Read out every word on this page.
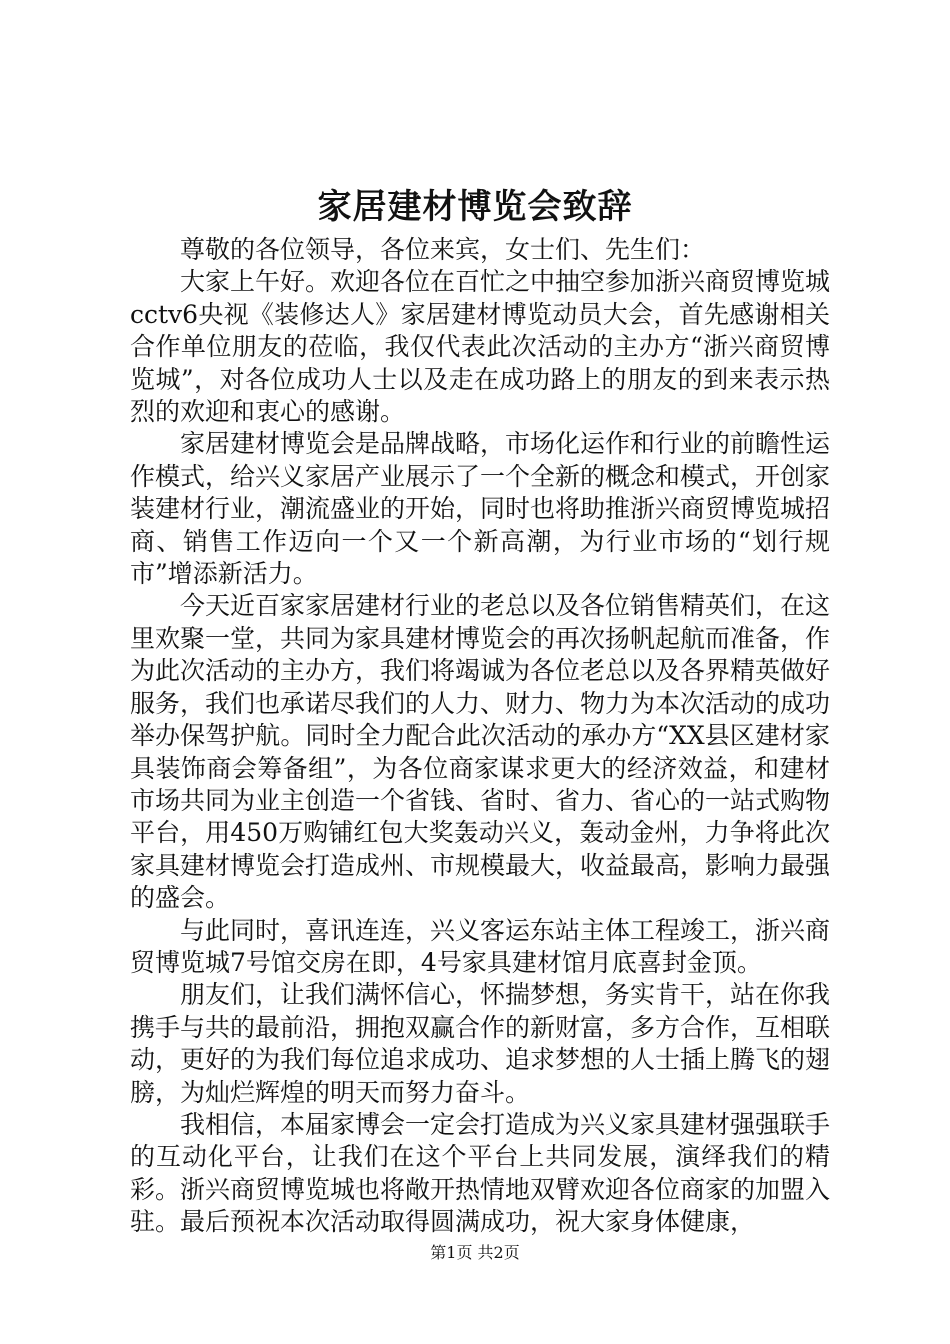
家居建材博览会致辞

尊敬的各位领导，各位来宾，女士们、先生们：

大家上午好。欢迎各位在百忙之中抽空参加浙兴商贸博览城cctv6央视《装修达人》家居建材博览动员大会，首先感谢相关合作单位朋友的莅临，我仅代表此次活动的主办方“浙兴商贸博览城”，对各位成功人士以及走在成功路上的朋友的到来表示热烈的欢迎和衷心的感谢。

家居建材博览会是品牌战略，市场化运作和行业的前瞻性运作模式，给兴义家居产业展示了一个全新的概念和模式，开创家装建材行业，潮流盛业的开始，同时也将助推浙兴商贸博览城招商、销售工作迈向一个又一个新高潮，为行业市场的“划行规市”增添新活力。

今天近百家家居建材行业的老总以及各位销售精英们，在这里欢聚一堂，共同为家具建材博览会的再次扬帆起航而准备，作为此次活动的主办方，我们将竭诚为各位老总以及各界精英做好服务，我们也承诺尽我们的人力、财力、物力为本次活动的成功举办保驾护航。同时全力配合此次活动的承办方“XX县区建材家具装饰商会筹备组”，为各位商家谋求更大的经济效益，和建材市场共同为业主创造一个省钱、省时、省力、省心的一站式购物平台，用450万购铺红包大奖轰动兴义，轰动金州，力争将此次家具建材博览会打造成州、市规模最大，收益最高，影响力最强的盛会。

与此同时，喜讯连连，兴义客运东站主体工程竣工，浙兴商贸博览城7号馆交房在即，4号家具建材馆月底喜封金顶。

朋友们，让我们满怀信心，怀揣梦想，务实肯干，站在你我携手与共的最前沿，拥抱双赢合作的新财富，多方合作，互相联动，更好的为我们每位追求成功、追求梦想的人士插上腾飞的翅膀，为灿烂辉煌的明天而努力奋斗。

我相信，本届家博会一定会打造成为兴义家具建材强强联手的互动化平台，让我们在这个平台上共同发展，演绎我们的精彩。浙兴商贸博览城也将敞开热情地双臂欢迎各位商家的加盟入驻。最后预祝本次活动取得圆满成功，祝大家身体健康，

第1页 共2页
